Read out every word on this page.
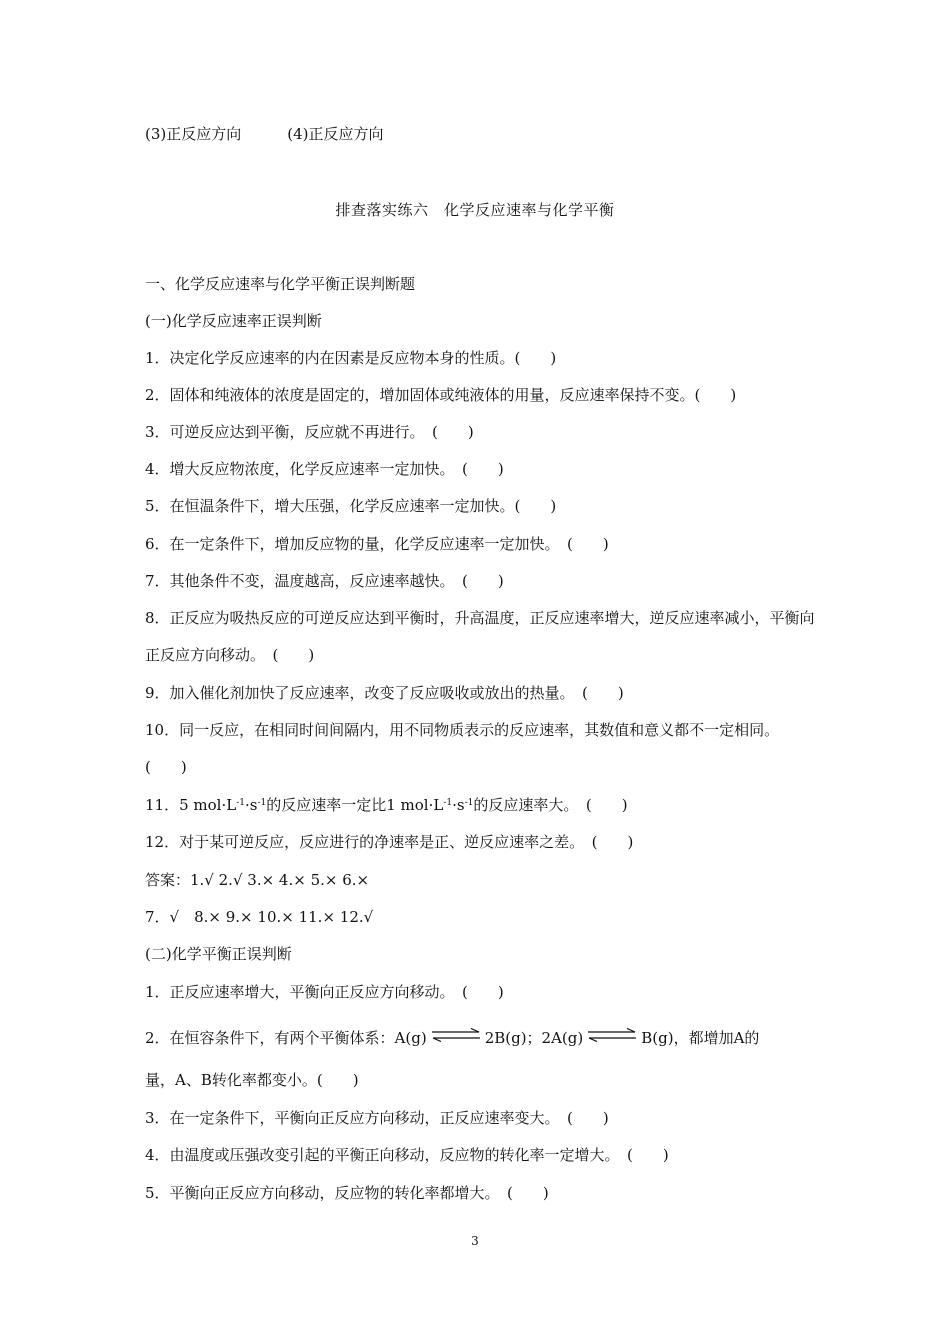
(3)正反应方向	(4)正反应方向
排查落实练六　化学反应速率与化学平衡
一、化学反应速率与化学平衡正误判断题
(一)化学反应速率正误判断
1．决定化学反应速率的内在因素是反应物本身的性质。(　　)
2．固体和纯液体的浓度是固定的，增加固体或纯液体的用量，反应速率保持不变。(　　)
3．可逆反应达到平衡，反应就不再进行。　(　　)
4．增大反应物浓度，化学反应速率一定加快。　(　　)
5．在恒温条件下，增大压强，化学反应速率一定加快。(　　)
6．在一定条件下，增加反应物的量，化学反应速率一定加快。　(　　)
7．其他条件不变，温度越高，反应速率越快。　(　　)
8．正反应为吸热反应的可逆反应达到平衡时，升高温度，正反应速率增大，逆反应速率减小，平衡向正反应方向移动。　(　　)
9．加入催化剂加快了反应速率，改变了反应吸收或放出的热量。　(　　)
10．同一反应，在相同时间间隔内，用不同物质表示的反应速率，其数值和意义都不一定相同。　(　　)
11．5 $mol\cdot L^{-1}\cdot s^{-1}$的反应速率一定比1 $mol\cdot L^{-1}\cdot s^{-1}$的反应速率大。　(　　)
12．对于某可逆反应，反应进行的净速率是正、逆反应速率之差。　(　　)
答案：1.√ 2.√ 3.× 4.× 5.× 6.×
7．√　8.× 9.× 10.× 11.× 12.√
(二)化学平衡正误判断
1．正反应速率增大，平衡向正反应方向移动。　(　　)
2．在恒容条件下，有两个平衡体系：A(g) ⇌ 2B(g)；2A(g) ⇌ B(g)，都增加A的
量，A、B转化率都变小。(　　)
3．在一定条件下，平衡向正反应方向移动，正反应速率变大。　(　　)
4．由温度或压强改变引起的平衡正向移动，反应物的转化率一定增大。　(　　)
5．平衡向正反应方向移动，反应物的转化率都增大。　(　　)
3
